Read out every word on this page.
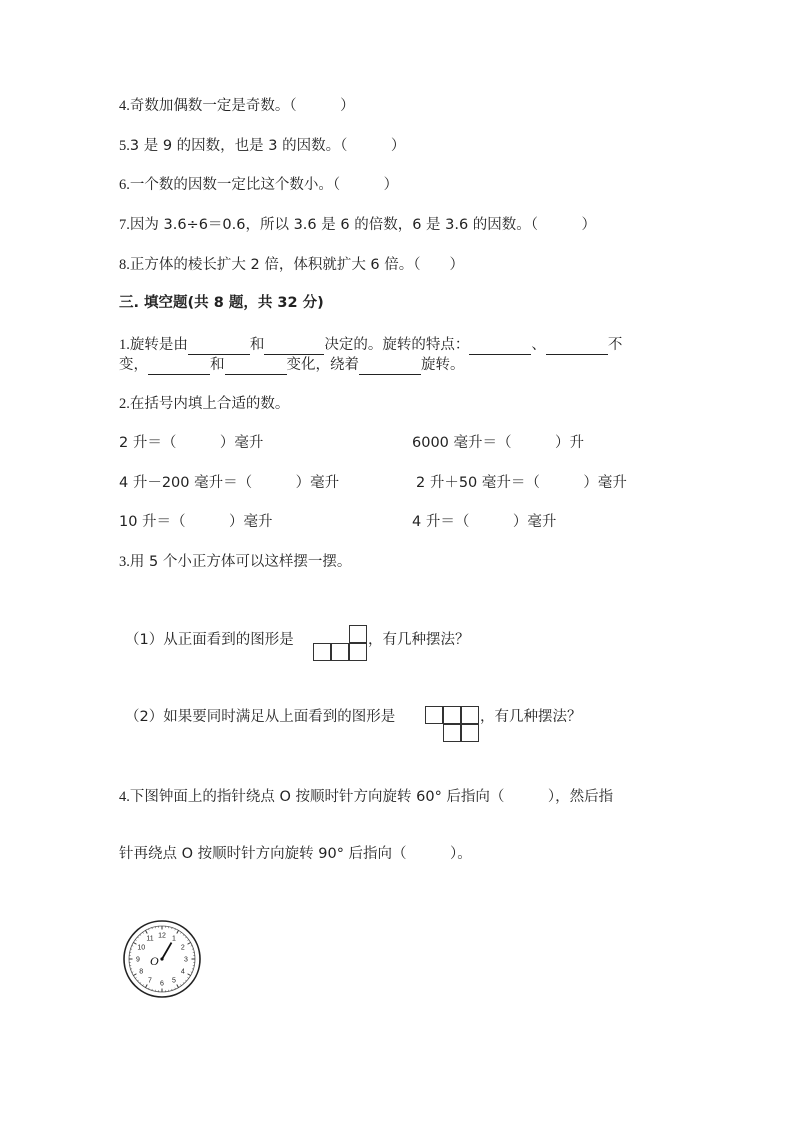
4.奇数加偶数一定是奇数。（　　　）
5.3 是 9 的因数，也是 3 的因数。（　　　）
6.一个数的因数一定比这个数小。（　　　）
7.因为 3.6÷6＝0.6，所以 3.6 是 6 的倍数，6 是 3.6 的因数。（　　　）
8.正方体的棱长扩大 2 倍，体积就扩大 6 倍。（　　）
三. 填空题(共 8 题，共 32 分)
1.旋转是由	和	决定的。旋转的特点：	、	不
变，	和	变化，绕着	旋转。
2.在括号内填上合适的数。
2 升＝（　　　）毫升	6000 毫升＝（　　　）升
4 升－200 毫升＝（　　　）毫升	2 升＋50 毫升＝（　　　）毫升
10 升＝（　　　）毫升	4 升＝（　　　）毫升
3.用 5 个小正方体可以这样摆一摆。
（1）从正面看到的图形是	，有几种摆法？
（2）如果要同时满足从上面看到的图形是	，有几种摆法？
4.下图钟面上的指针绕点 O 按顺时针方向旋转 60° 后指向（　　　），然后指
针再绕点 O 按顺时针方向旋转 90° 后指向（　　　）。
12 1
2
3
4
5
6
7
8
9
10
11
O
